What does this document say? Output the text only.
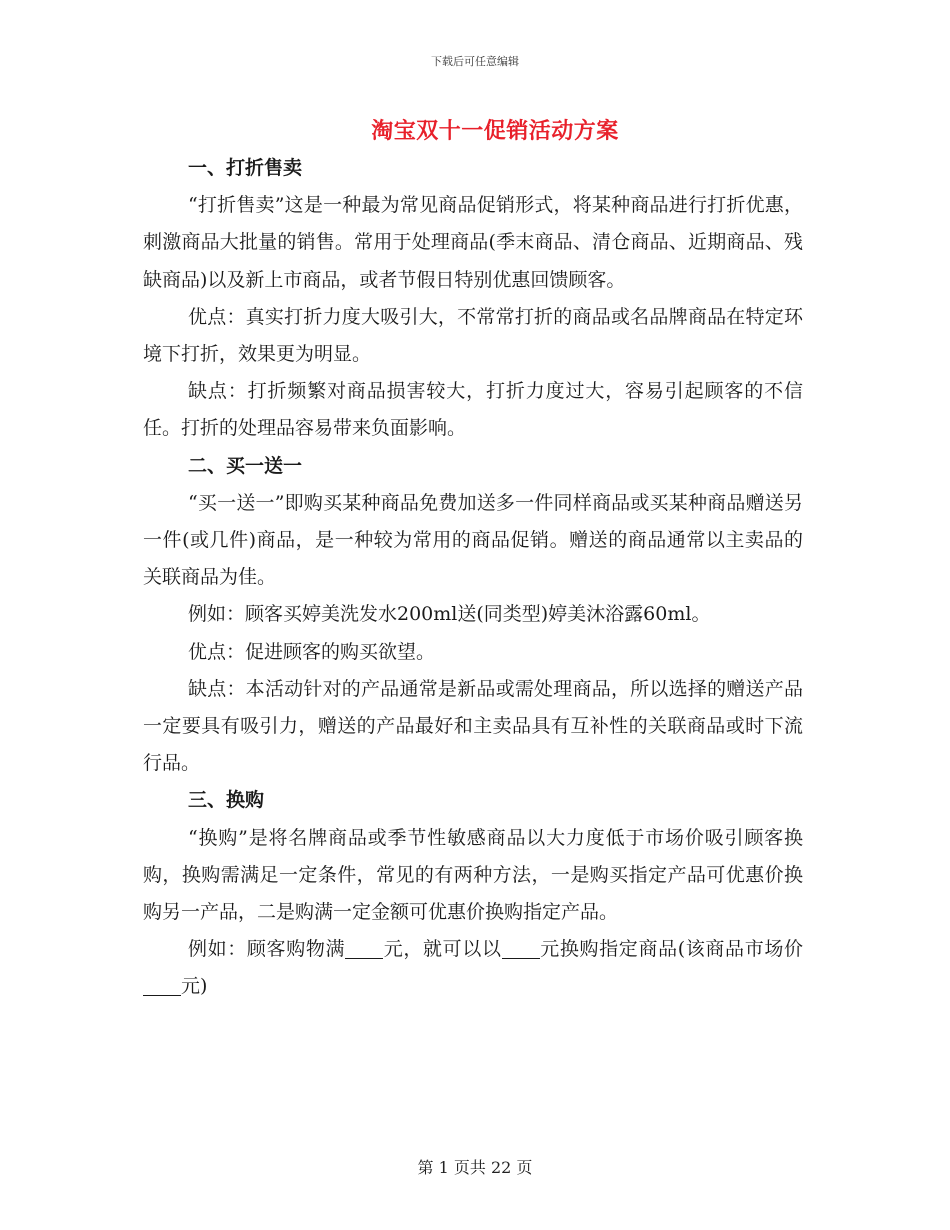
下载后可任意编辑
淘宝双十一促销活动方案

一、打折售卖

“打折售卖”这是一种最为常见商品促销形式，将某种商品进行打折优惠，刺激商品大批量的销售。常用于处理商品(季末商品、清仓商品、近期商品、残缺商品)以及新上市商品，或者节假日特别优惠回馈顾客。

优点：真实打折力度大吸引大，不常常打折的商品或名品牌商品在特定环境下打折，效果更为明显。

缺点：打折频繁对商品损害较大，打折力度过大，容易引起顾客的不信任。打折的处理品容易带来负面影响。

二、买一送一

“买一送一”即购买某种商品免费加送多一件同样商品或买某种商品赠送另一件(或几件)商品，是一种较为常用的商品促销。赠送的商品通常以主卖品的关联商品为佳。

例如：顾客买婷美洗发水200ml送(同类型)婷美沐浴露60ml。

优点：促进顾客的购买欲望。

缺点：本活动针对的产品通常是新品或需处理商品，所以选择的赠送产品一定要具有吸引力，赠送的产品最好和主卖品具有互补性的关联商品或时下流行品。

三、换购

“换购”是将名牌商品或季节性敏感商品以大力度低于市场价吸引顾客换购，换购需满足一定条件，常见的有两种方法，一是购买指定产品可优惠价换购另一产品，二是购满一定金额可优惠价换购指定产品。

例如：顾客购物满 元，就可以以 元换购指定商品(该商品市场价元)

第 1 页共 22 页
